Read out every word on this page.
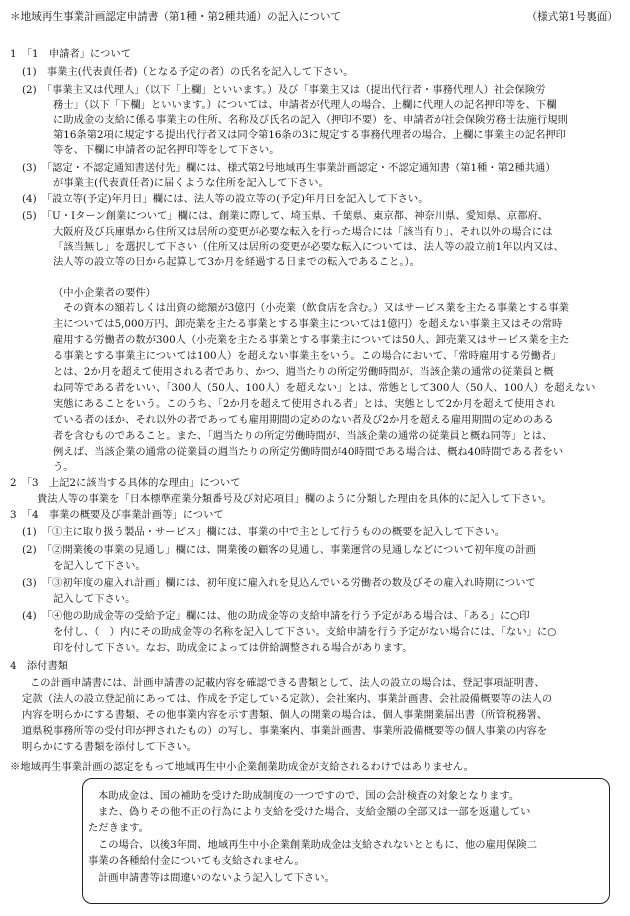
＊地域再生事業計画認定申請書（第1種・第2種共通）の記入について	（様式第1号裏面）
1　「1　申請者」について
(1)　事業主(代表責任者)（となる予定の者）の氏名を記入して下さい。
(2)　「事業主又は代理人」（以下「上欄」といいます。）及び「事業主又は（提出代行者・事務代理人）社会保険労
務士」（以下「下欄」といいます。）については、申請者が代理人の場合、上欄に代理人の記名押印等を、下欄
に助成金の支給に係る事業主の住所、名称及び氏名の記入（押印不要）を、申請者が社会保険労務士法施行規則
第16条第2項に規定する提出代行者又は同令第16条の3に規定する事務代理者の場合、上欄に事業主の記名押印
等を、下欄に申請者の記名押印等をして下さい。
(3)　「認定・不認定通知書送付先」欄には、様式第2号地域再生事業計画認定・不認定通知書（第1種・第2種共通）
が事業主(代表責任者)に届くような住所を記入して下さい。
(4)　「設立等(予定)年月日」欄には、法人等の設立等の(予定)年月日を記入して下さい。
(5)　「U・Iターン創業について」欄には、創業に際して、埼玉県、千葉県、東京都、神奈川県、愛知県、京都府、
大阪府及び兵庫県から住所又は居所の変更が必要な転入を行った場合には「該当有り」、それ以外の場合には
「該当無し」を選択して下さい（住所又は居所の変更が必要な転入については、法人等の設立前1年以内又は、
法人等の設立等の日から起算して3か月を経過する日までの転入であること。）。
（中小企業者の要件）
その資本の額若しくは出資の総額が3億円（小売業（飲食店を含む。）又はサービス業を主たる事業とする事業
主については5,000万円、卸売業を主たる事業とする事業主については1億円）を超えない事業主又はその常時
雇用する労働者の数が300人（小売業を主たる事業とする事業主については50人、卸売業又はサービス業を主た
る事業とする事業主については100人）を超えない事業主をいう。この場合において、「常時雇用する労働者」
とは、2か月を超えて使用される者であり、かつ、週当たりの所定労働時間が、当該企業の通常の従業員と概
ね同等である者をいい、「300人（50人、100人）を超えない」とは、常態として300人（50人、100人）を超えない
実態にあることをいう。このうち、「2か月を超えて使用される者」とは、実態として2か月を超えて使用され
ている者のほか、それ以外の者であっても雇用期間の定めのない者及び2か月を超える雇用期間の定めのある
者を含むものであること。また、「週当たりの所定労働時間が、当該企業の通常の従業員と概ね同等」とは、
例えば、当該企業の通常の従業員の週当たりの所定労働時間が40時間である場合は、概ね40時間である者をい
う。
2　「3　上記2に該当する具体的な理由」について
貴法人等の事業を「日本標準産業分類番号及び対応項目」欄のように分類した理由を具体的に記入して下さい。
3　「4　事業の概要及び事業計画等」について
(1)　「①主に取り扱う製品・サービス」欄には、事業の中で主として行うものの概要を記入して下さい。
(2)　「②開業後の事業の見通し」欄には、開業後の顧客の見通し、事業運営の見通しなどについて初年度の計画
を記入して下さい。
(3)　「③初年度の雇入れ計画」欄には、初年度に雇入れを見込んでいる労働者の数及びその雇入れ時期について
記入して下さい。
(4)　「④他の助成金等の受給予定」欄には、他の助成金等の支給申請を行う予定がある場合は、「ある」に○印
を付し、（　）内にその助成金等の名称を記入して下さい。支給申請を行う予定がない場合には、「ない」に○
印を付して下さい。なお、助成金によっては併給調整される場合があります。
4　添付書類
この計画申請書には、計画申請書の記載内容を確認できる書類として、法人の設立の場合は、登記事項証明書、
定款（法人の設立登記前にあっては、作成を予定している定款）、会社案内、事業計画書、会社設備概要等の法人の
内容を明らかにする書類、その他事業内容を示す書類、個人の開業の場合は、個人事業開業届出書（所管税務署、
道県税事務所等の受付印が押されたもの）の写し、事業案内、事業計画書、事業所設備概要等の個人事業の内容を
明らかにする書類を添付して下さい。
※地域再生事業計画の認定をもって地域再生中小企業創業助成金が支給されるわけではありません。
本助成金は、国の補助を受けた助成制度の一つですので、国の会計検査の対象となります。
また、偽りその他不正の行為により支給を受けた場合、支給金額の全部又は一部を返還してい
ただきます。
この場合、以後3年間、地域再生中小企業創業助成金は支給されないとともに、他の雇用保険二
事業の各種給付金についても支給されません。
計画申請書等は間違いのないよう記入して下さい。
